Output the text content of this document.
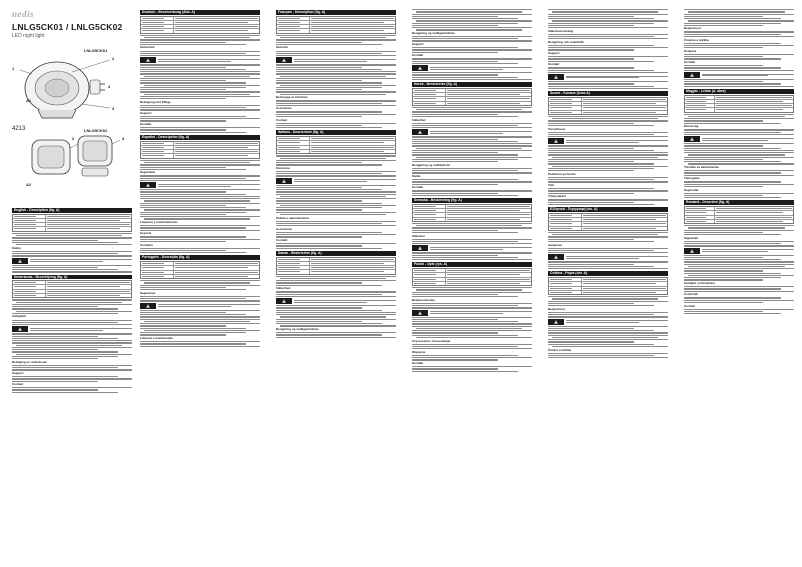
nedis
LNLG5CK01 / LNLG5CK02
LED night light
A1
LNLG5CK01
1
2
3
4
4213	LNLG5CK02
A2
2	3
English - Description (fig. A)
Safety
Nederlands - Beschrijving (fig. A)
Veiligheid
Reiniging en onderhoud
Support
Contact
Deutsch - Beschreibung (Abb. A)
Sicherheit
Reinigung und Pflege
Support
Kontakt
Español - Descripción (fig. A)
Seguridad
Limpieza y mantenimiento
Soporte
Contacto
Português - Descrição (fig. A)
Segurança
Limpeza e manutenção
Français - Description (fig. A)
Sécurité
Nettoyage et entretien
Assistance
Contact
Italiano - Descrizione (fig. A)
Sicurezza
Pulizia e manutenzione
Assistenza
Contatti
Dansk - Beskrivelse (fig. A)
Sikkerhed
Rengøring og vedligeholdelse
Rengøring og vedligeholdelse
Support
Kontakt
Norsk - Beskrivelse (fig. A)
Sikkerhet
Rengjøring og vedlikehold
Støtte
Kontakt
Svenska - Beskrivning (fig. A)
Säkerhet
Polski - Opis (rys. A)
Bezpieczeństwo
Czyszczenie i konserwacja
Wsparcie
Kontakt
Säkerhetsvarning
Rengöring och underhåll
Support
Kontakt
Suomi - Kuvaus (kuva A)
Turvallisuus
Puhdistus ja huolto
Tuki
Yhteystiedot
Ελληνικά - Περιγραφή (εικ. A)
Ασφάλεια
Čeština - Popis (obr. A)
Bezpečnost
Čištění a údržba
Bezpečnosť
Čistenie a údržba
Podpora
Kontakt
Magyar - Leírás (A. ábra)
Biztonság
Tisztítás és karbantartás
Támogatás
Kapcsolat
Română - Descriere (fig. A)
Siguranţă
Curăţare şi întreţinere
Asistenţă
Contact
